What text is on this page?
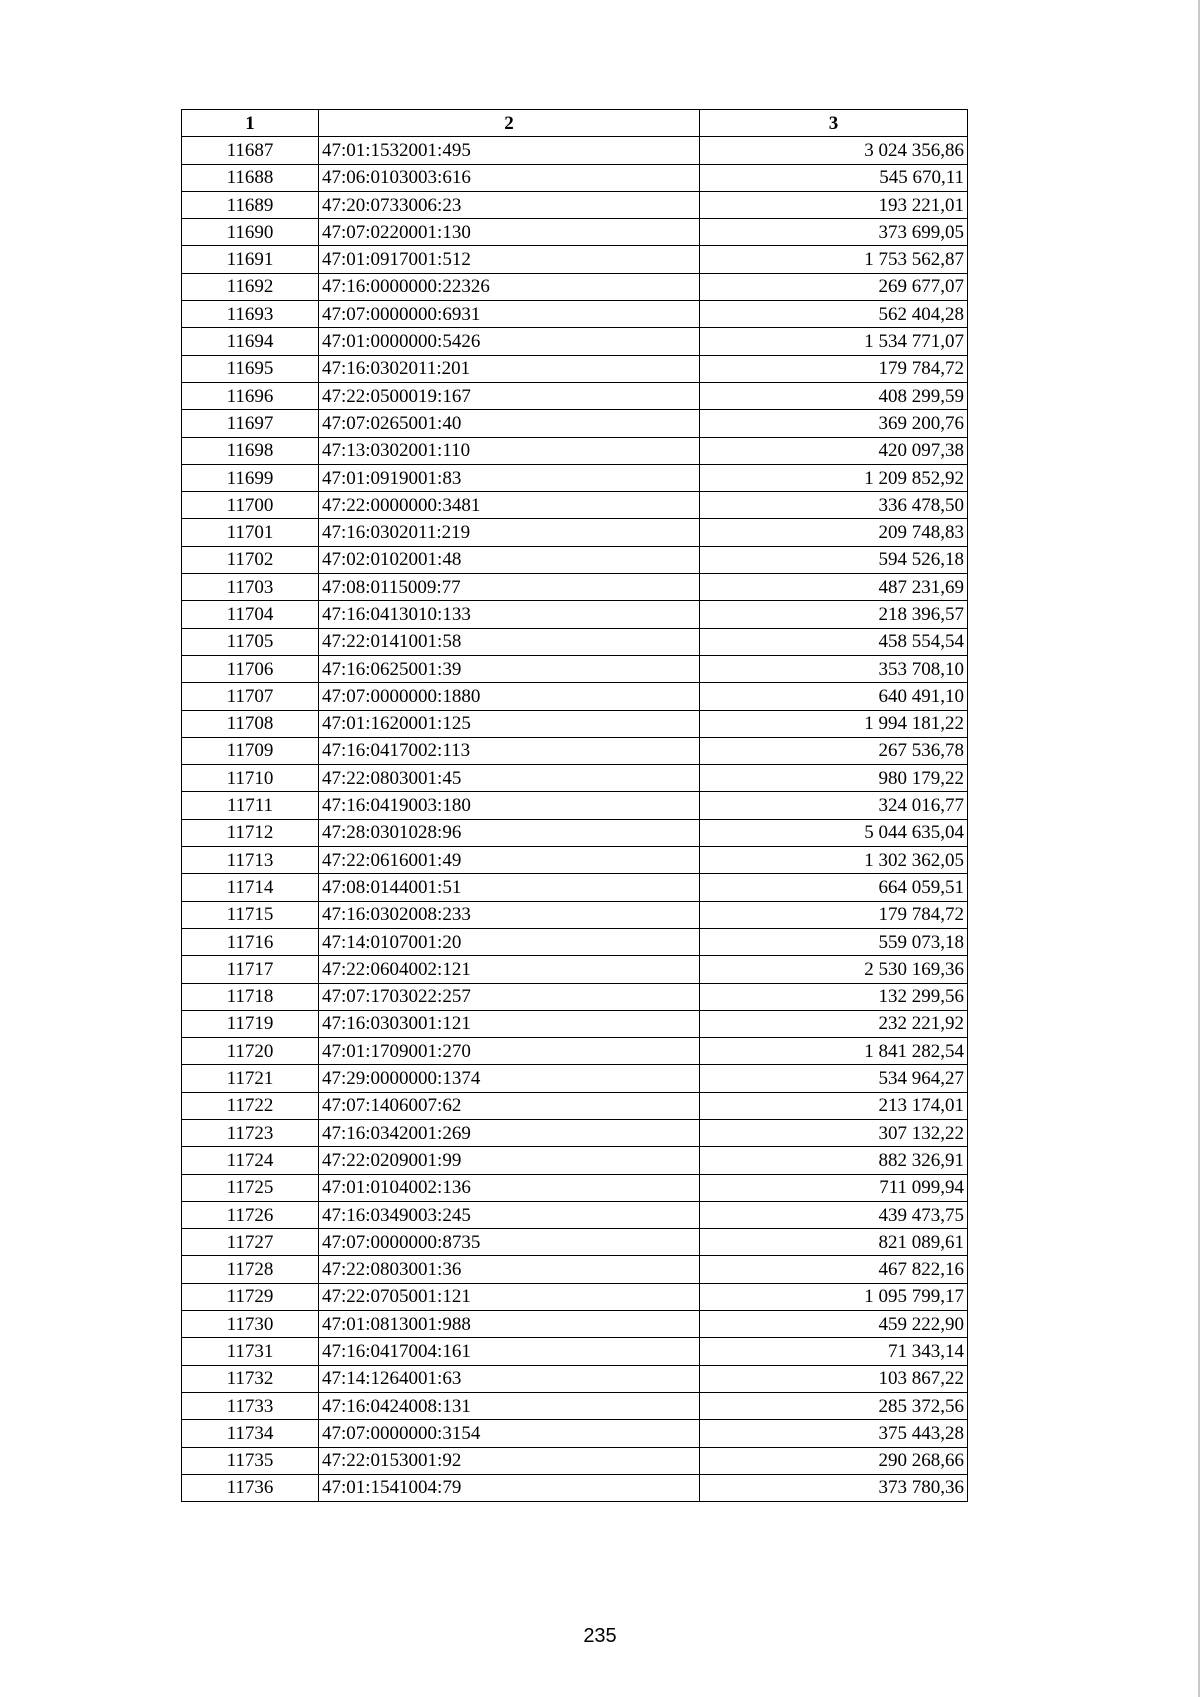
1	2	3
11687	47:01:1532001:495	3 024 356,86
11688	47:06:0103003:616	545 670,11
11689	47:20:0733006:23	193 221,01
11690	47:07:0220001:130	373 699,05
11691	47:01:0917001:512	1 753 562,87
11692	47:16:0000000:22326	269 677,07
11693	47:07:0000000:6931	562 404,28
11694	47:01:0000000:5426	1 534 771,07
11695	47:16:0302011:201	179 784,72
11696	47:22:0500019:167	408 299,59
11697	47:07:0265001:40	369 200,76
11698	47:13:0302001:110	420 097,38
11699	47:01:0919001:83	1 209 852,92
11700	47:22:0000000:3481	336 478,50
11701	47:16:0302011:219	209 748,83
11702	47:02:0102001:48	594 526,18
11703	47:08:0115009:77	487 231,69
11704	47:16:0413010:133	218 396,57
11705	47:22:0141001:58	458 554,54
11706	47:16:0625001:39	353 708,10
11707	47:07:0000000:1880	640 491,10
11708	47:01:1620001:125	1 994 181,22
11709	47:16:0417002:113	267 536,78
11710	47:22:0803001:45	980 179,22
11711	47:16:0419003:180	324 016,77
11712	47:28:0301028:96	5 044 635,04
11713	47:22:0616001:49	1 302 362,05
11714	47:08:0144001:51	664 059,51
11715	47:16:0302008:233	179 784,72
11716	47:14:0107001:20	559 073,18
11717	47:22:0604002:121	2 530 169,36
11718	47:07:1703022:257	132 299,56
11719	47:16:0303001:121	232 221,92
11720	47:01:1709001:270	1 841 282,54
11721	47:29:0000000:1374	534 964,27
11722	47:07:1406007:62	213 174,01
11723	47:16:0342001:269	307 132,22
11724	47:22:0209001:99	882 326,91
11725	47:01:0104002:136	711 099,94
11726	47:16:0349003:245	439 473,75
11727	47:07:0000000:8735	821 089,61
11728	47:22:0803001:36	467 822,16
11729	47:22:0705001:121	1 095 799,17
11730	47:01:0813001:988	459 222,90
11731	47:16:0417004:161	71 343,14
11732	47:14:1264001:63	103 867,22
11733	47:16:0424008:131	285 372,56
11734	47:07:0000000:3154	375 443,28
11735	47:22:0153001:92	290 268,66
11736	47:01:1541004:79	373 780,36
235
